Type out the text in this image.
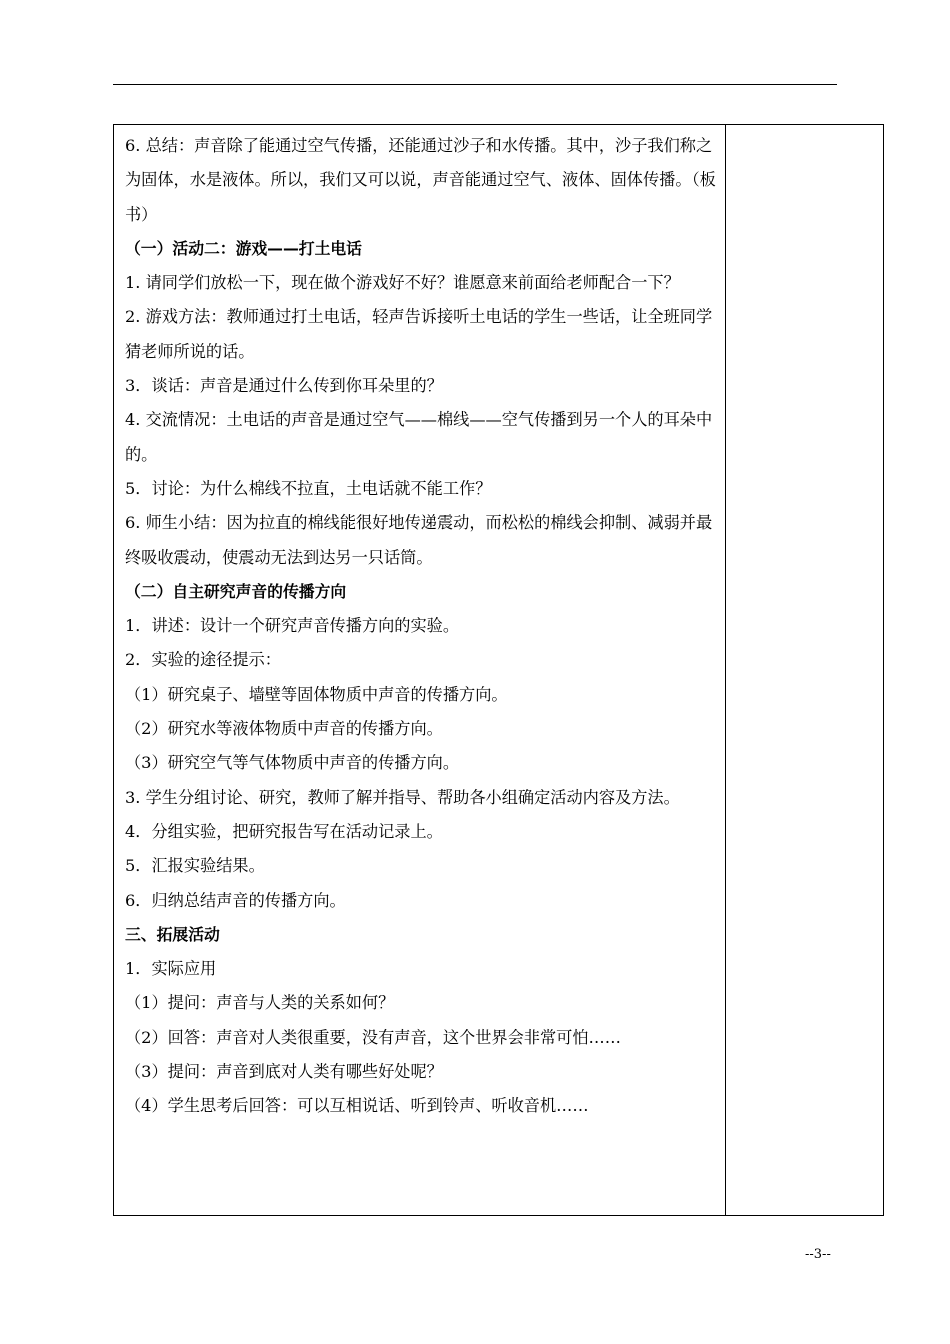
6. 总结：声音除了能通过空气传播，还能通过沙子和水传播。其中，沙子我们称之为固体，水是液体。所以，我们又可以说，声音能通过空气、液体、固体传播。（板书）

（一）活动二：游戏——打土电话

1. 请同学们放松一下，现在做个游戏好不好？谁愿意来前面给老师配合一下？

2. 游戏方法：教师通过打土电话，轻声告诉接听土电话的学生一些话，让全班同学猜老师所说的话。

3．谈话：声音是通过什么传到你耳朵里的？

4. 交流情况：土电话的声音是通过空气——棉线——空气传播到另一个人的耳朵中的。

5．讨论：为什么棉线不拉直，土电话就不能工作？

6. 师生小结：因为拉直的棉线能很好地传递震动，而松松的棉线会抑制、减弱并最终吸收震动，使震动无法到达另一只话筒。

（二）自主研究声音的传播方向

1．讲述：设计一个研究声音传播方向的实验。

2．实验的途径提示：

（1）研究桌子、墙壁等固体物质中声音的传播方向。

（2）研究水等液体物质中声音的传播方向。

（3）研究空气等气体物质中声音的传播方向。

3. 学生分组讨论、研究，教师了解并指导、帮助各小组确定活动内容及方法。

4．分组实验，把研究报告写在活动记录上。

5．汇报实验结果。

6．归纳总结声音的传播方向。

三、拓展活动

1．实际应用

（1）提问：声音与人类的关系如何？

（2）回答：声音对人类很重要，没有声音，这个世界会非常可怕……

（3）提问：声音到底对人类有哪些好处呢？

（4）学生思考后回答：可以互相说话、听到铃声、听收音机……

--3--
